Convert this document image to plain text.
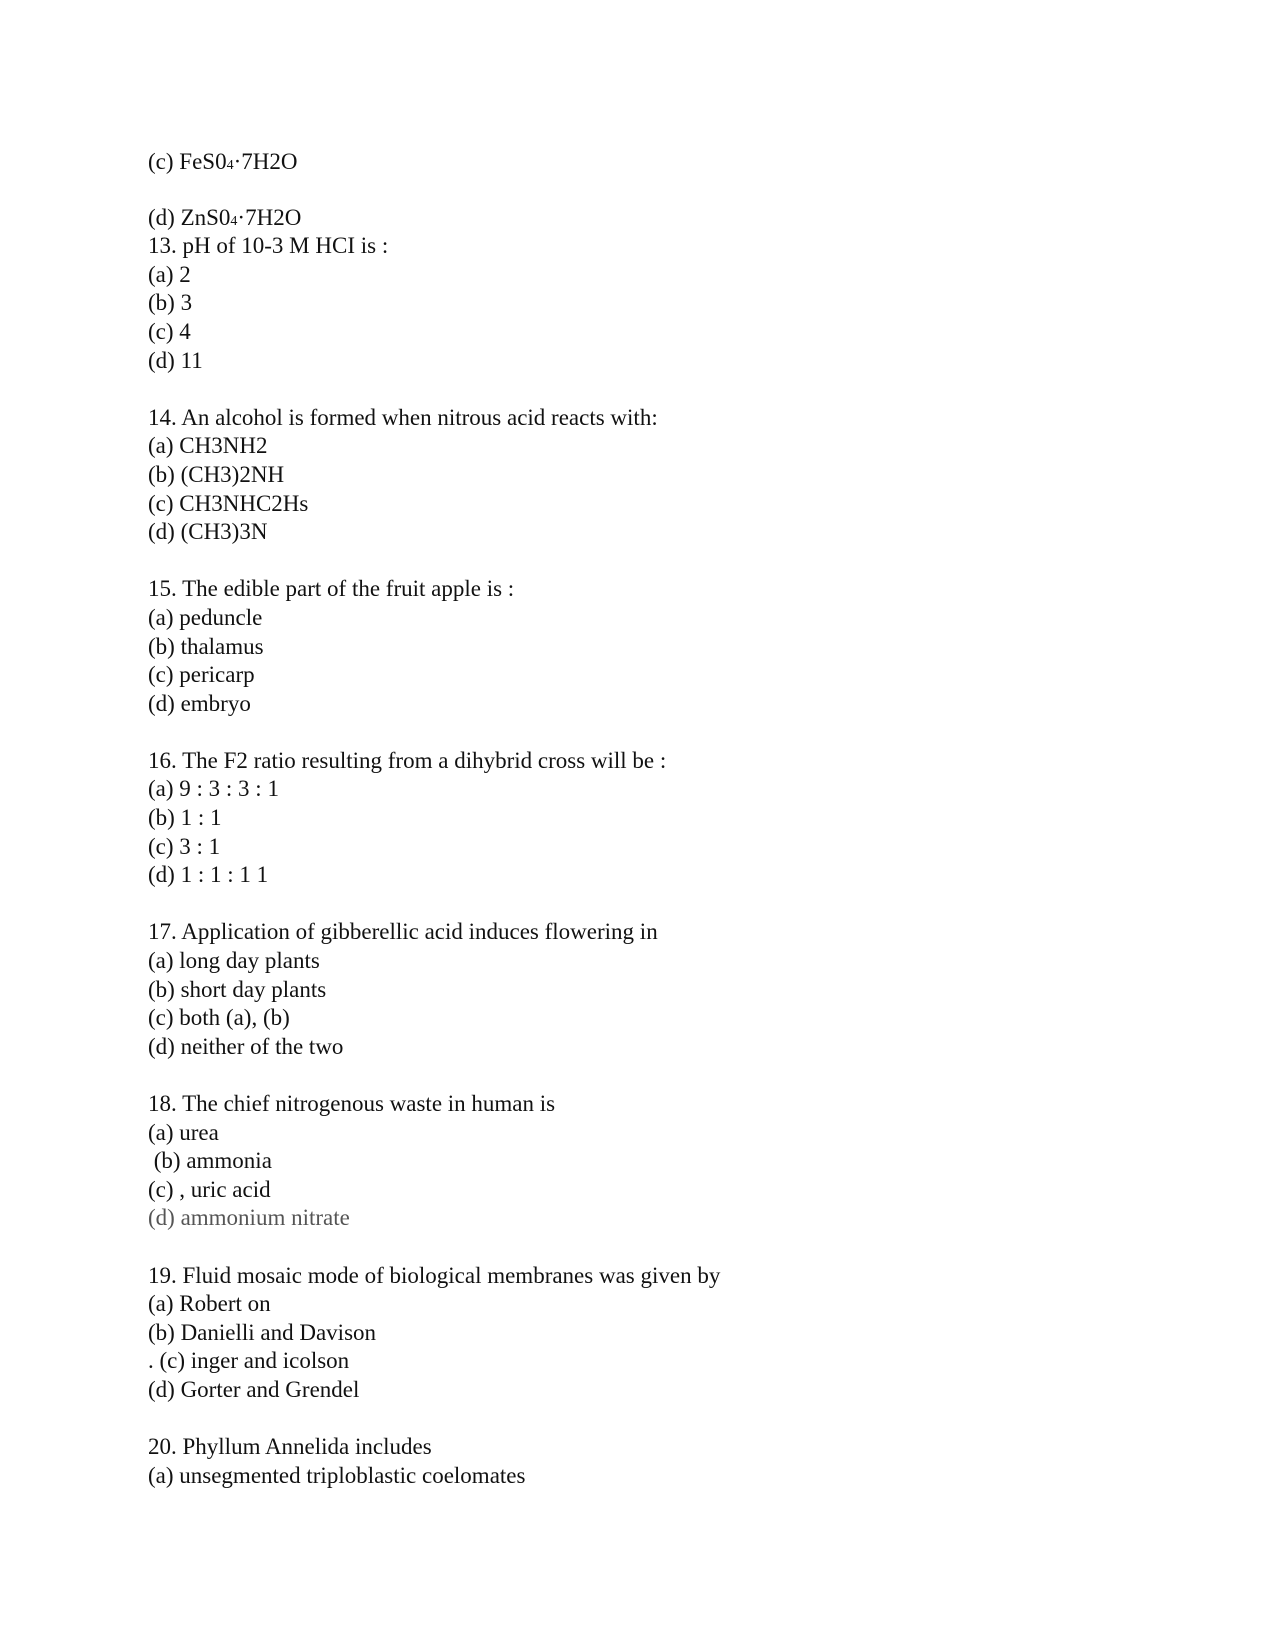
(c) FeS04·7H2O
(d) ZnS04·7H2O
13. pH of 10-3 M HCI is :
(a) 2
(b) 3
(c) 4
(d) 11
14. An alcohol is formed when nitrous acid reacts with:
(a) CH3NH2
(b) (CH3)2NH
(c) CH3NHC2Hs
(d) (CH3)3N
15. The edible part of the fruit apple is :
(a) peduncle
(b) thalamus
(c) pericarp
(d) embryo
16. The F2 ratio resulting from a dihybrid cross will be :
(a) 9 : 3 : 3 : 1
(b) 1 : 1
(c) 3 : 1
(d) 1 : 1 : 1 1
17. Application of gibberellic acid induces flowering in
(a) long day plants
(b) short day plants
(c) both (a), (b)
(d) neither of the two
18. The chief nitrogenous waste in human is
(a) urea
(b) ammonia
(c) , uric acid
(d) ammonium nitrate
19. Fluid mosaic mode of biological membranes was given by
(a) Robert on
(b) Danielli and Davison
. (c) inger and icolson
(d) Gorter and Grendel
20. Phyllum Annelida includes
(a) unsegmented triploblastic coelomates
